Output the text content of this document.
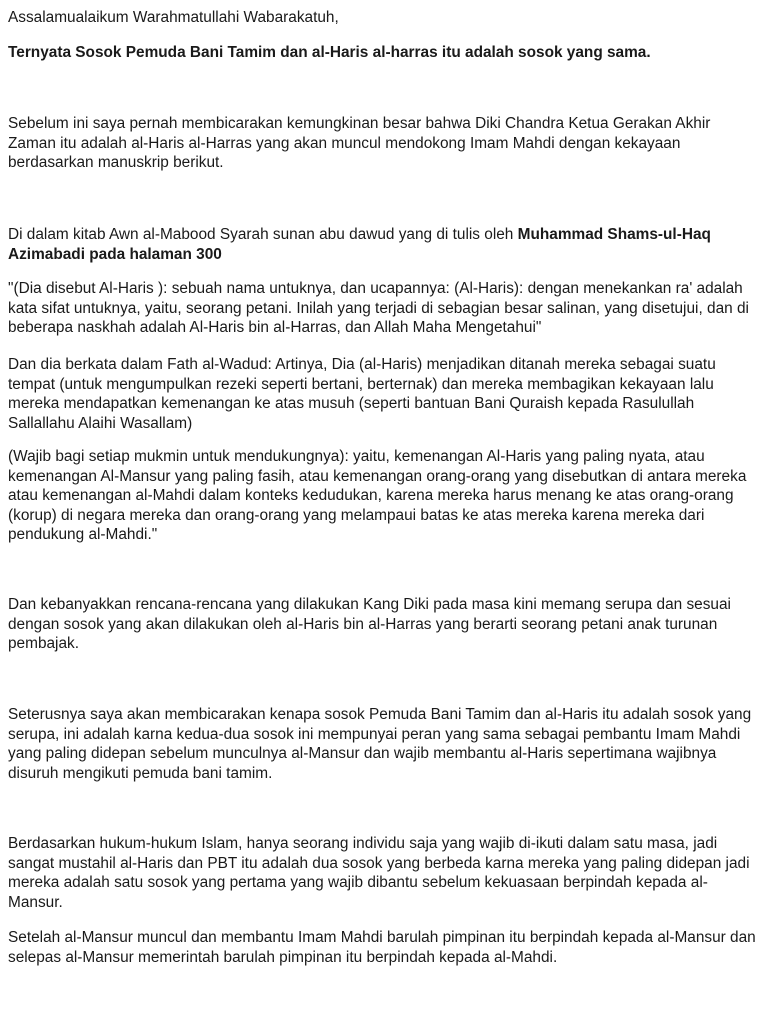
Assalamualaikum Warahmatullahi Wabarakatuh,

Ternyata Sosok Pemuda Bani Tamim dan al-Haris al-harras itu adalah sosok yang sama.

Sebelum ini saya pernah membicarakan kemungkinan besar bahwa Diki Chandra Ketua Gerakan Akhir Zaman itu adalah al-Haris al-Harras yang akan muncul mendokong Imam Mahdi dengan kekayaan berdasarkan manuskrip berikut.

Di dalam kitab Awn al-Mabood Syarah sunan abu dawud yang di tulis oleh Muhammad Shams-ul-Haq Azimabadi pada halaman 300

"(Dia disebut Al-Haris ): sebuah nama untuknya, dan ucapannya: (Al-Haris): dengan menekankan ra' adalah kata sifat untuknya, yaitu, seorang petani. Inilah yang terjadi di sebagian besar salinan, yang disetujui, dan di beberapa naskhah adalah Al-Haris bin al-Harras, dan Allah Maha Mengetahui"

Dan dia berkata dalam Fath al-Wadud: Artinya, Dia (al-Haris) menjadikan ditanah mereka sebagai suatu tempat (untuk mengumpulkan rezeki seperti bertani, berternak) dan mereka membagikan kekayaan lalu mereka mendapatkan kemenangan ke atas musuh (seperti bantuan Bani Quraish kepada Rasulullah Sallallahu Alaihi Wasallam)

(Wajib bagi setiap mukmin untuk mendukungnya): yaitu, kemenangan Al-Haris yang paling nyata, atau kemenangan Al-Mansur yang paling fasih, atau kemenangan orang-orang yang disebutkan di antara mereka atau kemenangan al-Mahdi dalam konteks kedudukan, karena mereka harus menang ke atas orang-orang (korup) di negara mereka dan orang-orang yang melampaui batas ke atas mereka karena mereka dari pendukung al-Mahdi."

Dan kebanyakkan rencana-rencana yang dilakukan Kang Diki pada masa kini memang serupa dan sesuai dengan sosok yang akan dilakukan oleh al-Haris bin al-Harras yang berarti seorang petani anak turunan pembajak.

Seterusnya saya akan membicarakan kenapa sosok Pemuda Bani Tamim dan al-Haris itu adalah sosok yang serupa, ini adalah karna kedua-dua sosok ini mempunyai peran yang sama sebagai pembantu Imam Mahdi yang paling didepan sebelum munculnya al-Mansur dan wajib membantu al-Haris sepertimana wajibnya disuruh mengikuti pemuda bani tamim.

Berdasarkan hukum-hukum Islam, hanya seorang individu saja yang wajib di-ikuti dalam satu masa, jadi sangat mustahil al-Haris dan PBT itu adalah dua sosok yang berbeda karna mereka yang paling didepan jadi mereka adalah satu sosok yang pertama yang wajib dibantu sebelum kekuasaan berpindah kepada al-Mansur.

Setelah al-Mansur muncul dan membantu Imam Mahdi barulah pimpinan itu berpindah kepada al-Mansur dan selepas al-Mansur memerintah barulah pimpinan itu berpindah kepada al-Mahdi.
